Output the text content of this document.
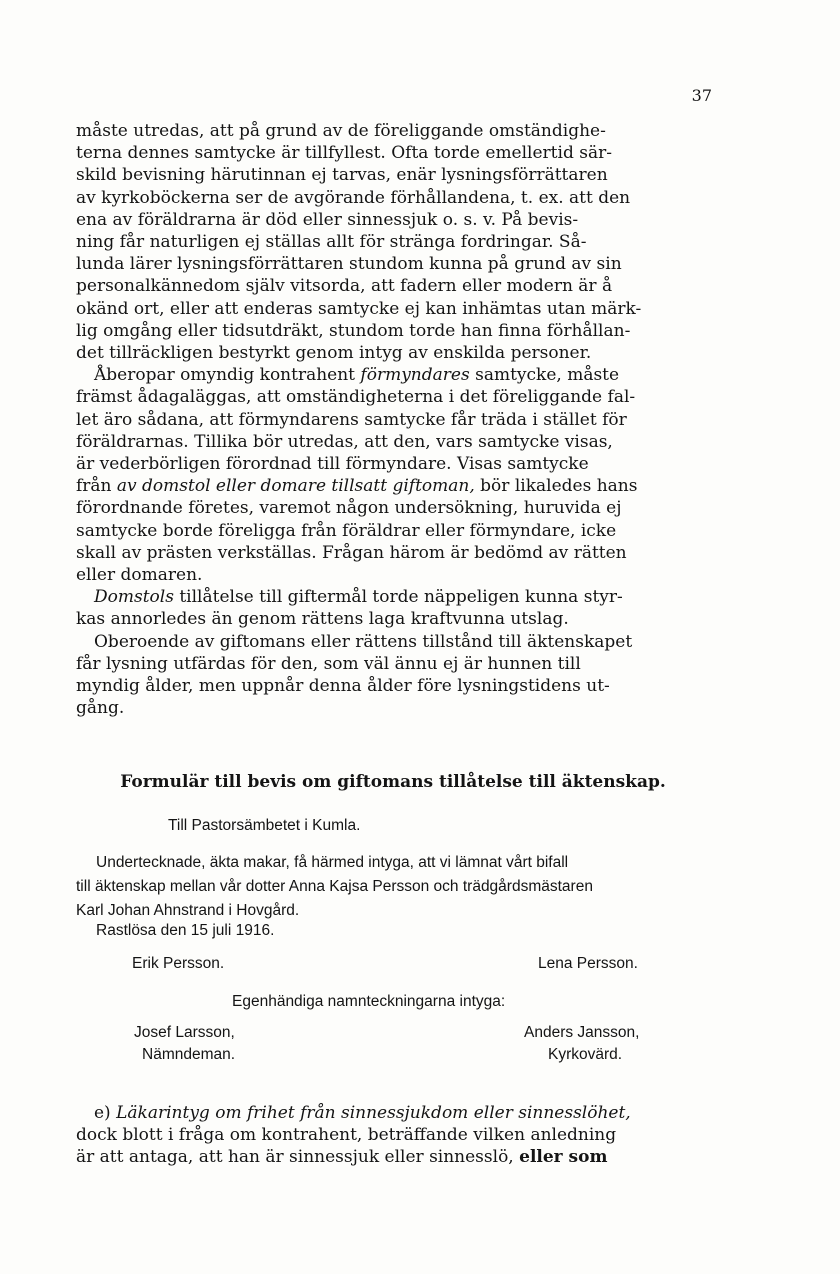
37
måste utredas, att på grund av de föreliggande omständighe-
terna dennes samtycke är tillfyllest. Ofta torde emellertid sär-
skild bevisning härutinnan ej tarvas, enär lysningsförrättaren
av kyrkoböckerna ser de avgörande förhållandena, t. ex. att den
ena av föräldrarna är död eller sinnessjuk o. s. v. På bevis-
ning får naturligen ej ställas allt för stränga fordringar. Så-
lunda lärer lysningsförrättaren stundom kunna på grund av sin
personalkännedom själv vitsorda, att fadern eller modern är å
okänd ort, eller att enderas samtycke ej kan inhämtas utan märk-
lig omgång eller tidsutdräkt, stundom torde han finna förhållan-
det tillräckligen bestyrkt genom intyg av enskilda personer.
Åberopar omyndig kontrahent förmyndares samtycke, måste
främst ådagaläggas, att omständigheterna i det föreliggande fal-
let äro sådana, att förmyndarens samtycke får träda i stället för
föräldrarnas. Tillika bör utredas, att den, vars samtycke visas,
är vederbörligen förordnad till förmyndare. Visas samtycke
från av domstol eller domare tillsatt giftoman, bör likaledes hans
förordnande företes, varemot någon undersökning, huruvida ej
samtycke borde föreligga från föräldrar eller förmyndare, icke
skall av prästen verkställas. Frågan härom är bedömd av rätten
eller domaren.
Domstols tillåtelse till giftermål torde näppeligen kunna styr-
kas annorledes än genom rättens laga kraftvunna utslag.
Oberoende av giftomans eller rättens tillstånd till äktenskapet
får lysning utfärdas för den, som väl ännu ej är hunnen till
myndig ålder, men uppnår denna ålder före lysningstidens ut-
gång.
Formulär till bevis om giftomans tillåtelse till äktenskap.
Till Pastorsämbetet i Kumla.
Undertecknade, äkta makar, få härmed intyga, att vi lämnat vårt bifall
till äktenskap mellan vår dotter Anna Kajsa Persson och trädgårdsmästaren
Karl Johan Ahnstrand i Hovgård.
Rastlösa den 15 juli 1916.
Erik Persson.	Lena Persson.
Egenhändiga namnteckningarna intyga:
Josef Larsson,
Nämndeman.
Anders Jansson,
Kyrkovärd.
e) Läkarintyg om frihet från sinnessjukdom eller sinnesslöhet,
dock blott i fråga om kontrahent, beträffande vilken anledning
är att antaga, att han är sinnessjuk eller sinnesslö, eller som
